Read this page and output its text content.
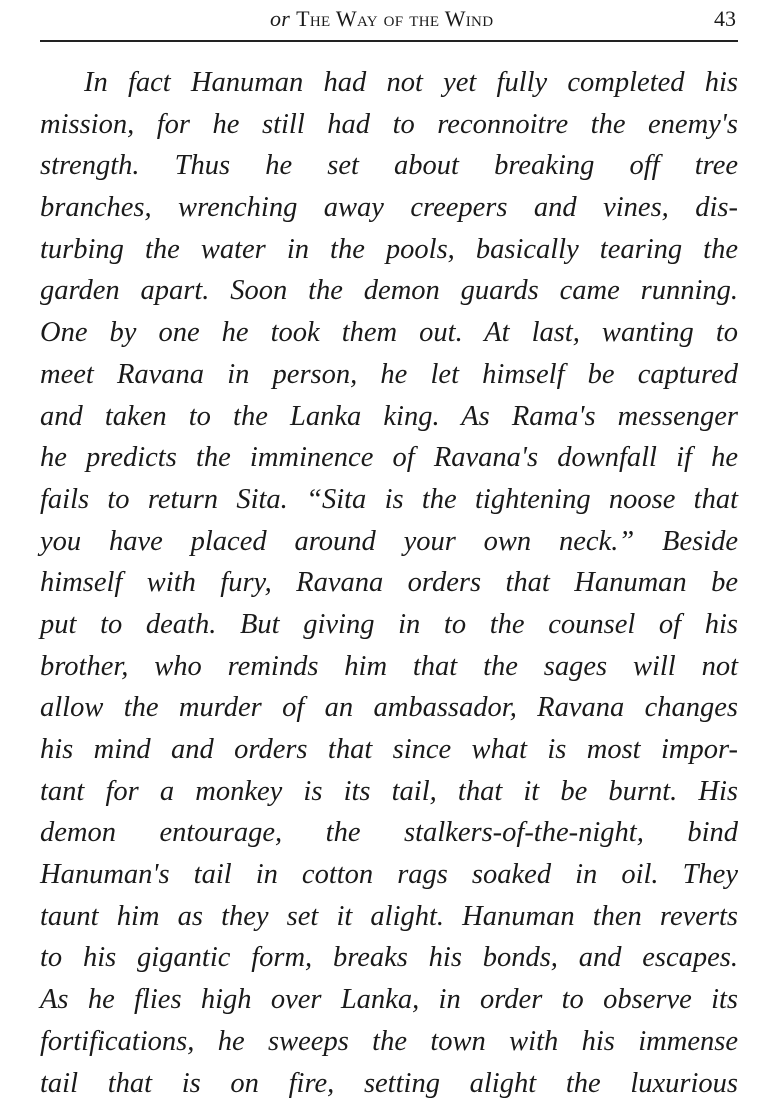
or The Way of the Wind	43
In fact Hanuman had not yet fully completed his
mission, for he still had to reconnoitre the enemy's
strength. Thus he set about breaking off tree
branches, wrenching away creepers and vines, dis-
turbing the water in the pools, basically tearing the
garden apart. Soon the demon guards came running.
One by one he took them out. At last, wanting to
meet Ravana in person, he let himself be captured
and taken to the Lanka king. As Rama's messenger
he predicts the imminence of Ravana's downfall if he
fails to return Sita. “Sita is the tightening noose that
you have placed around your own neck.” Beside
himself with fury, Ravana orders that Hanuman be
put to death. But giving in to the counsel of his
brother, who reminds him that the sages will not
allow the murder of an ambassador, Ravana changes
his mind and orders that since what is most impor-
tant for a monkey is its tail, that it be burnt. His
demon entourage, the stalkers-of-the-night, bind
Hanuman's tail in cotton rags soaked in oil. They
taunt him as they set it alight. Hanuman then reverts
to his gigantic form, breaks his bonds, and escapes.
As he flies high over Lanka, in order to observe its
fortifications, he sweeps the town with his immense
tail that is on fire, setting alight the luxurious
